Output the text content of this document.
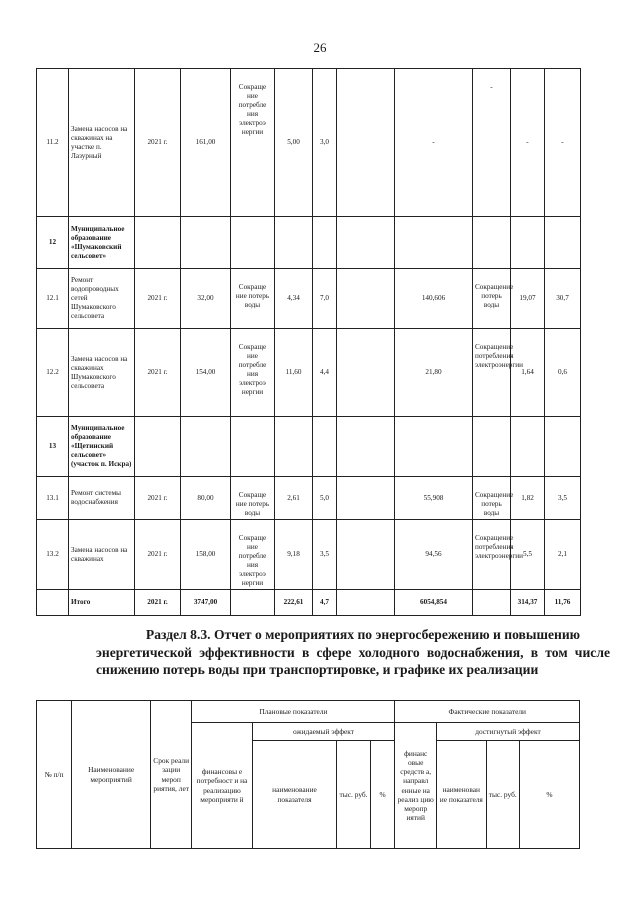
26
11.2	Замена насосов на скважинах на участке п. Лазурный	2021 г.	161,00	Сокраще ние потребле ния электроэ нергии	5,00	3,0		-	-	-	-
12	Муниципальное образование «Шумаковский сельсовет»										
12.1	Ремонт водопроводных сетей Шумаковского сельсовета	2021 г.	32,00	Сокраще ние потерь воды	4,34	7,0		140,606	Сокращение потерь воды	19,07	30,7
12.2	Замена насосов на скважинах Шумаковского сельсовета	2021 г.	154,00	Сокраще ние потребле ния электроэ нергии	11,60	4,4		21,80	Сокращение потребления электроэнергии	1,64	0,6
13	Муниципальное образование «Щетинский сельсовет» (участок п. Искра)										
13.1	Ремонт системы водоснабжения	2021 г.	80,00	Сокраще ние потерь воды	2,61	5,0		55,908	Сокращение потерь воды	1,82	3,5
13.2	Замена насосов на скважинах	2021 г.	158,00	Сокраще ние потребле ния электроэ нергии	9,18	3,5		94,56	Сокращение потребления электроэнергии	5,5	2,1
	Итого	2021 г.	3747,00		222,61	4,7		6054,854		314,37	11,76
Раздел 8.3. Отчет о мероприятиях по энергосбережению и повышению
энергетической эффективности в сфере холодного водоснабжения, в том числе снижению потерь воды при транспортировке, и графике их реализации
№ п/п	Наименование мероприятий	Срок реали зации мероп риятия, лет	Плановые показатели				Фактические показатели			
			финансовы е потребност и на реализацию мероприяти й	ожидаемый эффект			финанс овые средств а, направл енные на реализ цию меропр иятий	достигнутый эффект		
				наименование показателя	тыс. руб.	%		наименован ие показателя	тыс. руб.	%
